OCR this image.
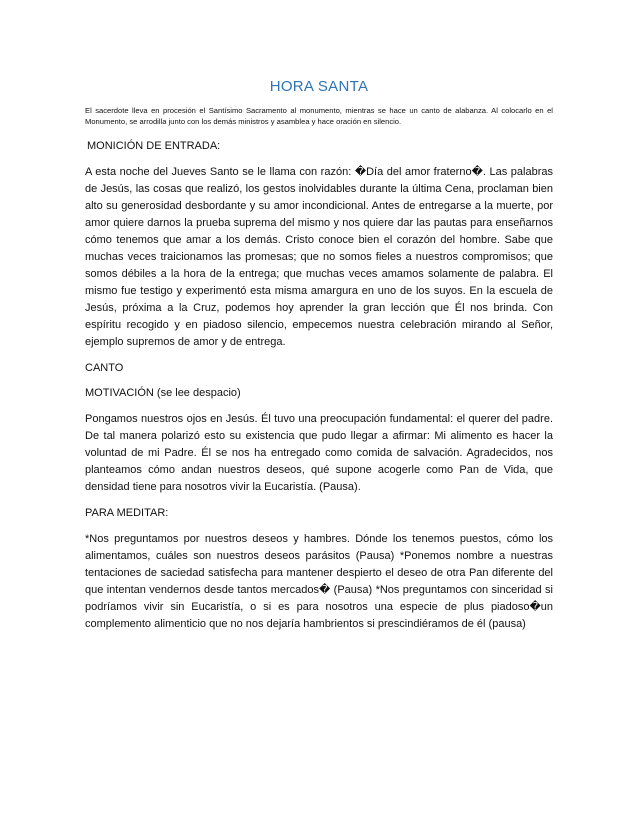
HORA SANTA

El sacerdote lleva en procesión el Santísimo Sacramento al monumento, mientras se hace un canto de alabanza. Al colocarlo en el Monumento, se arrodilla junto con los demás ministros y asamblea y hace oración en silencio.

MONICIÓN DE ENTRADA:

A esta noche del Jueves Santo se le llama con razón: �Día del amor fraterno�. Las palabras de Jesús, las cosas que realizó, los gestos inolvidables durante la última Cena, proclaman bien alto su generosidad desbordante y su amor incondicional. Antes de entregarse a la muerte, por amor quiere darnos la prueba suprema del mismo y nos quiere dar las pautas para enseñarnos cómo tenemos que amar a los demás. Cristo conoce bien el corazón del hombre. Sabe que muchas veces traicionamos las promesas; que no somos fieles a nuestros compromisos; que somos débiles a la hora de la entrega; que muchas veces amamos solamente de palabra. El mismo fue testigo y experimentó esta misma amargura en uno de los suyos. En la escuela de Jesús, próxima a la Cruz, podemos hoy aprender la gran lección que Él nos brinda. Con espíritu recogido y en piadoso silencio, empecemos nuestra celebración mirando al Señor, ejemplo supremos de amor y de entrega.

CANTO
MOTIVACIÓN (se lee despacio)

Pongamos nuestros ojos en Jesús. Él tuvo una preocupación fundamental: el querer del padre. De tal manera polarizó esto su existencia que pudo llegar a afirmar: Mi alimento es hacer la voluntad de mi Padre. Él se nos ha entregado como comida de salvación. Agradecidos, nos planteamos cómo andan nuestros deseos, qué supone acogerle como Pan de Vida, que densidad tiene para nosotros vivir la Eucaristía. (Pausa).

PARA MEDITAR:

*Nos preguntamos por nuestros deseos y hambres. Dónde los tenemos puestos, cómo los alimentamos, cuáles son nuestros deseos parásitos (Pausa) *Ponemos nombre a nuestras tentaciones de saciedad satisfecha para mantener despierto el deseo de otra Pan diferente del que intentan vendernos desde tantos mercados� (Pausa) *Nos preguntamos con sinceridad si podríamos vivir sin Eucaristía, o si es para nosotros una especie de plus piadoso�un complemento alimenticio que no nos dejaría hambrientos si prescindiéramos de él (pausa)
